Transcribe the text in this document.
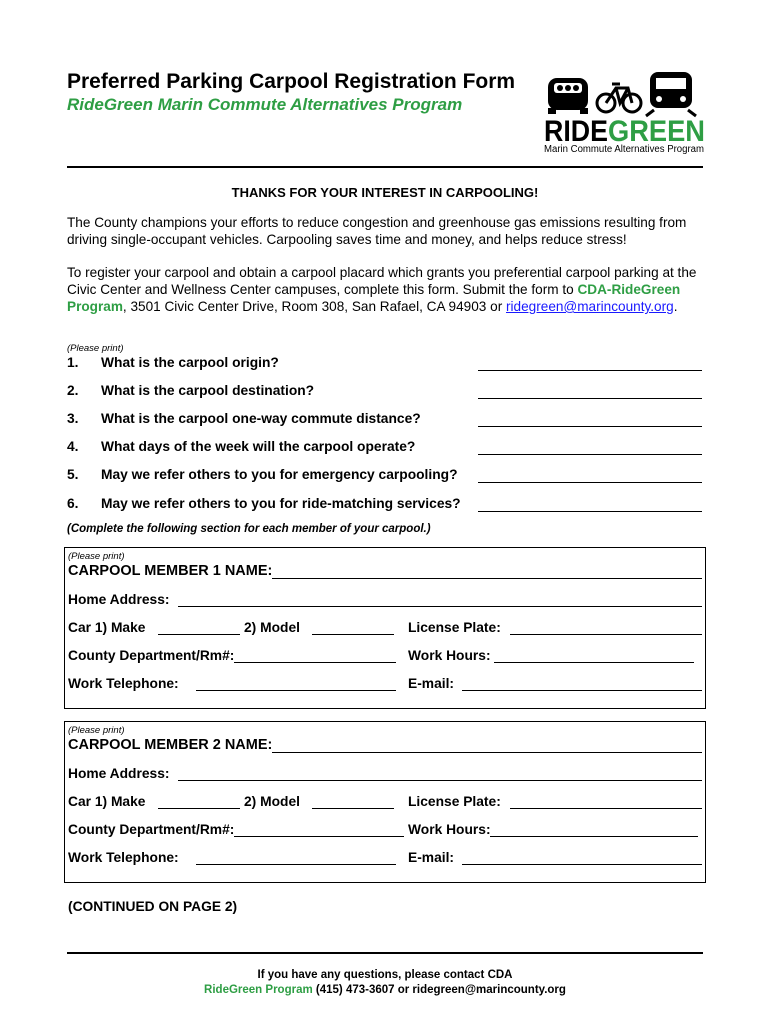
Preferred Parking Carpool Registration Form
RideGreen Marin Commute Alternatives Program
RIDE GREEN
Marin Commute Alternatives Program
THANKS FOR YOUR INTEREST IN CARPOOLING!
The County champions your efforts to reduce congestion and greenhouse gas emissions resulting from driving single-occupant vehicles. Carpooling saves time and money, and helps reduce stress!
To register your carpool and obtain a carpool placard which grants you preferential carpool parking at the Civic Center and Wellness Center campuses, complete this form. Submit the form to CDA-RideGreen Program, 3501 Civic Center Drive, Room 308, San Rafael, CA 94903 or ridegreen@marincounty.org.
(Please print)
1. What is the carpool origin?
2. What is the carpool destination?
3. What is the carpool one-way commute distance?
4. What days of the week will the carpool operate?
5. May we refer others to you for emergency carpooling?
6. May we refer others to you for ride-matching services?
(Complete the following section for each member of your carpool.)
(Please print)
CARPOOL MEMBER 1 NAME:
Home Address:
Car 1) Make	2) Model	License Plate:
County Department/Rm#:	Work Hours:
Work Telephone:	E-mail:
(Please print)
CARPOOL MEMBER 2 NAME:
Home Address:
Car 1) Make	2) Model	License Plate:
County Department/Rm#:	Work Hours:
Work Telephone:	E-mail:
(CONTINUED ON PAGE 2)
If you have any questions, please contact CDA
RideGreen Program (415) 473-3607 or ridegreen@marincounty.org
